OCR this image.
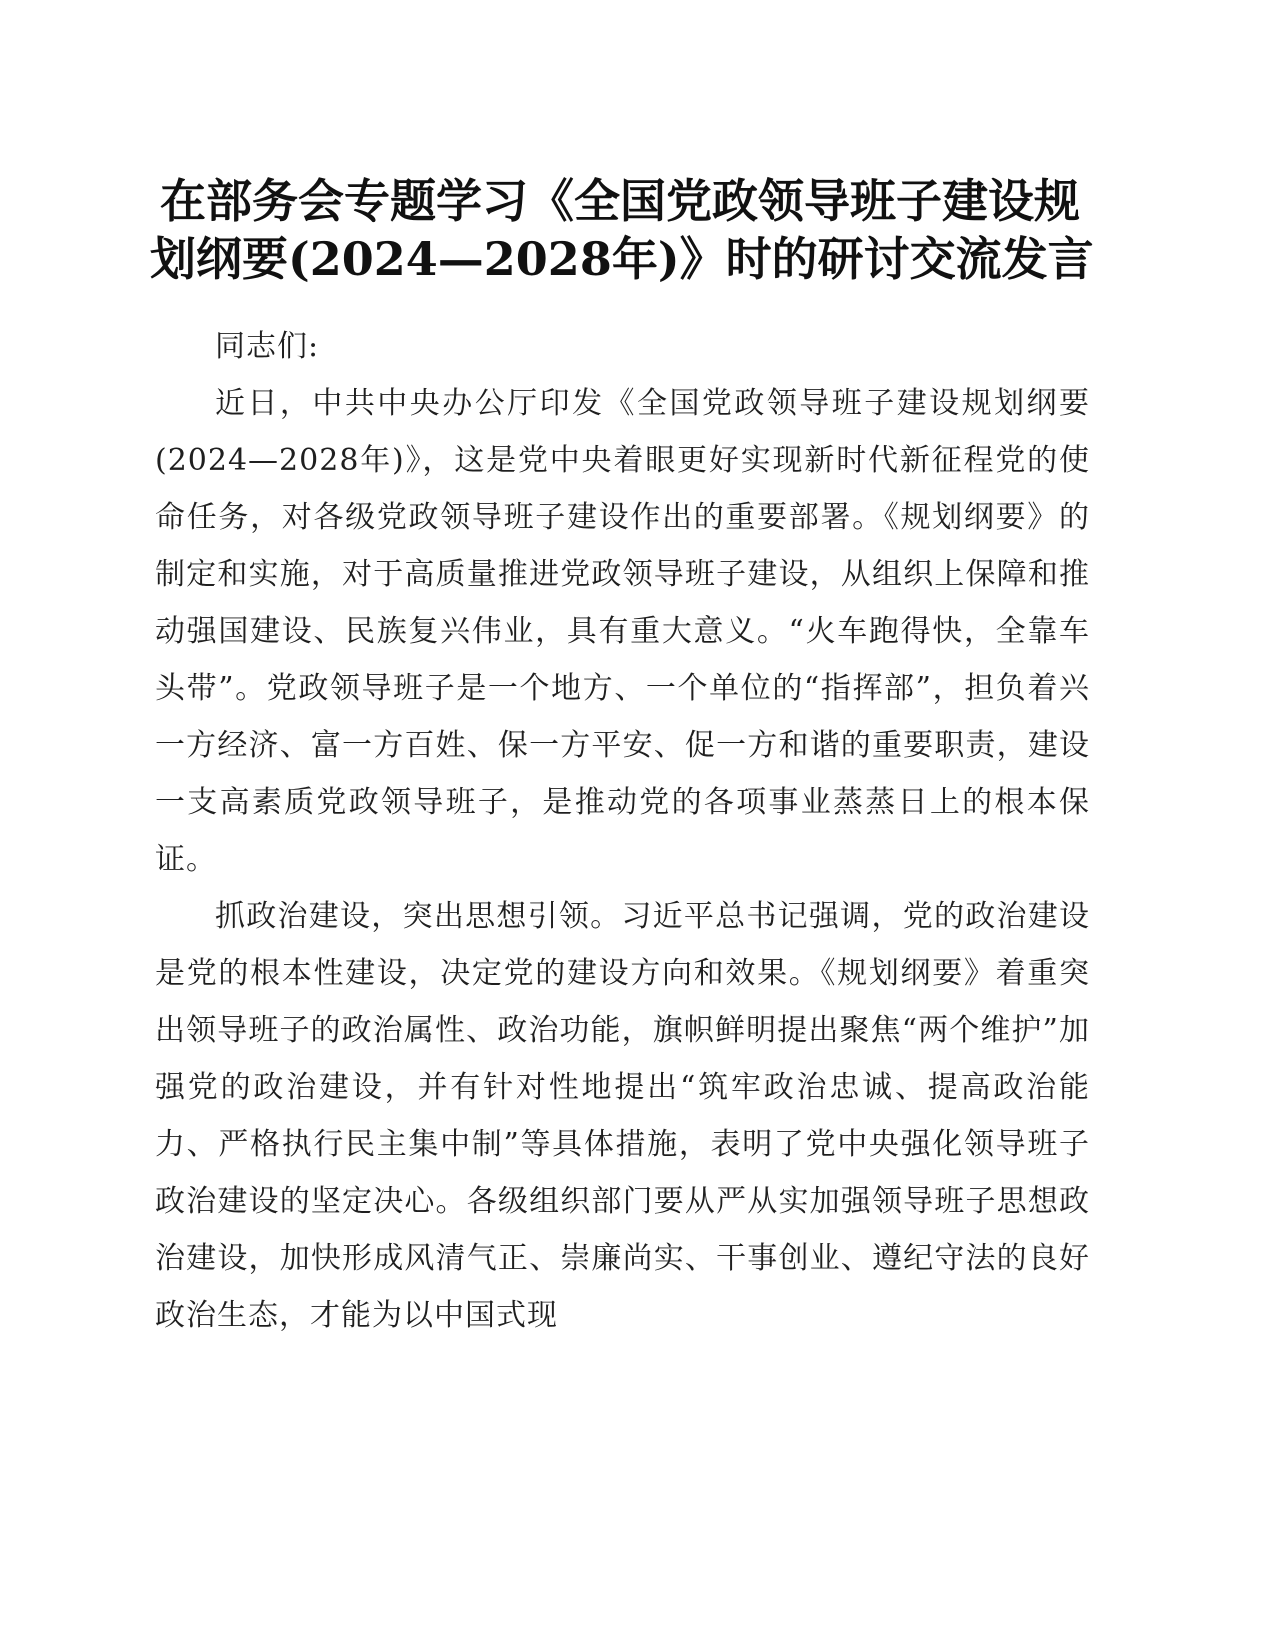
在部务会专题学习《全国党政领导班子建设规
划纲要(2024—2028年)》时的研讨交流发言

同志们:

近日，中共中央办公厅印发《全国党政领导班子建设规划纲要(2024—2028年)》，这是党中央着眼更好实现新时代新征程党的使命任务，对各级党政领导班子建设作出的重要部署。《规划纲要》的制定和实施，对于高质量推进党政领导班子建设，从组织上保障和推动强国建设、民族复兴伟业，具有重大意义。“火车跑得快，全靠车头带”。党政领导班子是一个地方、一个单位的“指挥部”，担负着兴一方经济、富一方百姓、保一方平安、促一方和谐的重要职责，建设一支高素质党政领导班子，是推动党的各项事业蒸蒸日上的根本保证。

抓政治建设，突出思想引领。习近平总书记强调，党的政治建设是党的根本性建设，决定党的建设方向和效果。《规划纲要》着重突出领导班子的政治属性、政治功能，旗帜鲜明提出聚焦“两个维护”加强党的政治建设，并有针对性地提出“筑牢政治忠诚、提高政治能力、严格执行民主集中制”等具体措施，表明了党中央强化领导班子政治建设的坚定决心。各级组织部门要从严从实加强领导班子思想政治建设，加快形成风清气正、崇廉尚实、干事创业、遵纪守法的良好政治生态，才能为以中国式现
